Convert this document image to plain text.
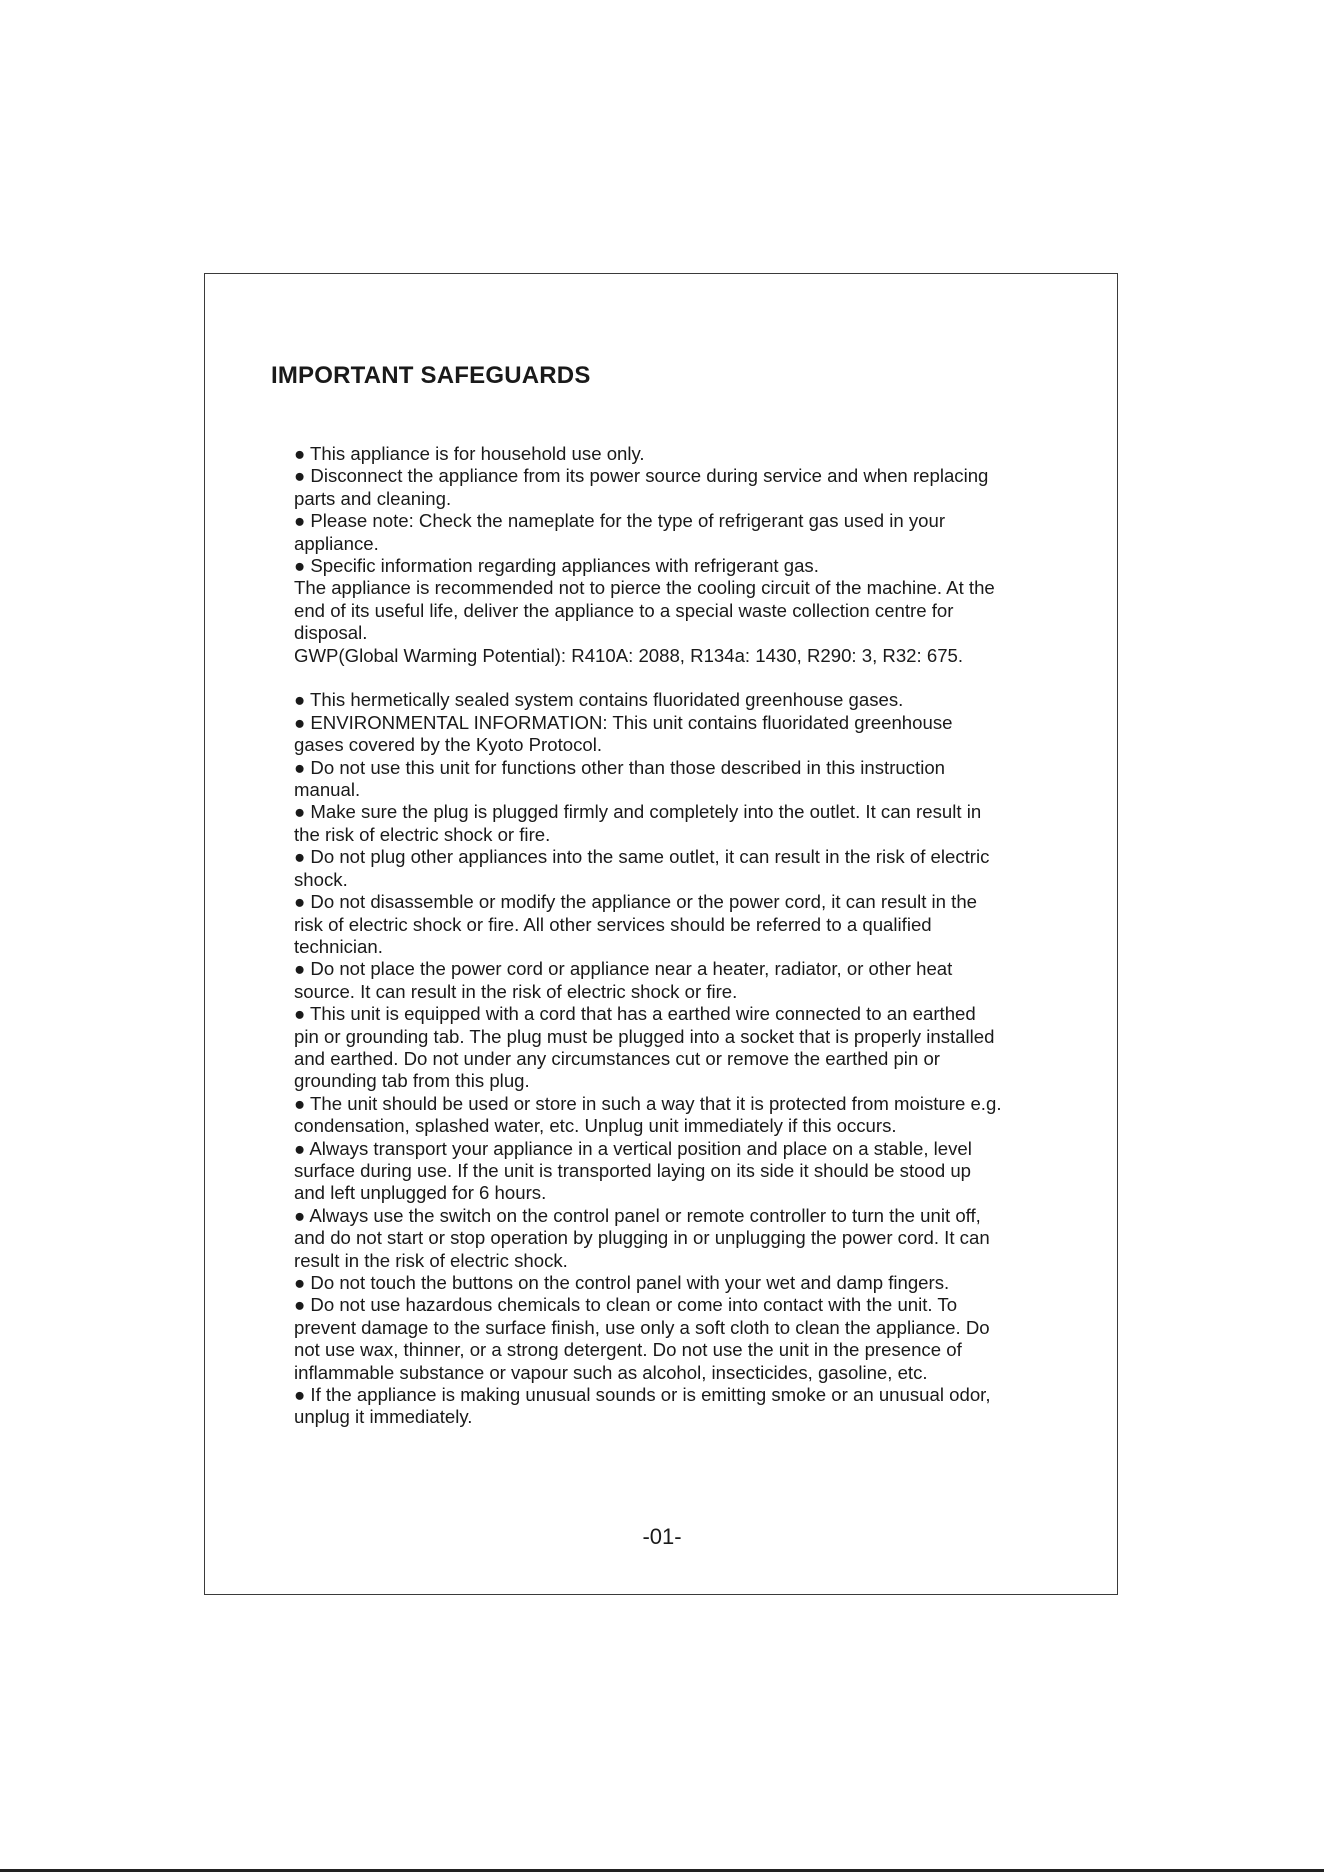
IMPORTANT SAFEGUARDS
● This appliance is for household use only.
● Disconnect the appliance from its power source during service and when replacing
parts and cleaning.
● Please note: Check the nameplate for the type of refrigerant gas used in your
appliance.
● Specific information regarding appliances with refrigerant gas.
The appliance is recommended not to pierce the cooling circuit of the machine. At the
end of its useful life, deliver the appliance to a special waste collection centre for
disposal.
GWP(Global Warming Potential): R410A: 2088, R134a: 1430, R290: 3, R32: 675.
● This hermetically sealed system contains fluoridated greenhouse gases.
● ENVIRONMENTAL INFORMATION: This unit contains fluoridated greenhouse
gases covered by the Kyoto Protocol.
● Do not use this unit for functions other than those described in this instruction
manual.
● Make sure the plug is plugged firmly and completely into the outlet. It can result in
the risk of electric shock or fire.
● Do not plug other appliances into the same outlet, it can result in the risk of electric
shock.
● Do not disassemble or modify the appliance or the power cord, it can result in the
risk of electric shock or fire. All other services should be referred to a qualified
technician.
● Do not place the power cord or appliance near a heater, radiator, or other heat
source. It can result in the risk of electric shock or fire.
● This unit is equipped with a cord that has a earthed wire connected to an earthed
pin or grounding tab. The plug must be plugged into a socket that is properly installed
and earthed. Do not under any circumstances cut or remove the earthed pin or
grounding tab from this plug.
● The unit should be used or store in such a way that it is protected from moisture e.g.
condensation, splashed water, etc. Unplug unit immediately if this occurs.
● Always transport your appliance in a vertical position and place on a stable, level
surface during use. If the unit is transported laying on its side it should be stood up
and left unplugged for 6 hours.
● Always use the switch on the control panel or remote controller to turn the unit off,
and do not start or stop operation by plugging in or unplugging the power cord. It can
result in the risk of electric shock.
● Do not touch the buttons on the control panel with your wet and damp fingers.
● Do not use hazardous chemicals to clean or come into contact with the unit. To
prevent damage to the surface finish, use only a soft cloth to clean the appliance. Do
not use wax, thinner, or a strong detergent. Do not use the unit in the presence of
inflammable substance or vapour such as alcohol, insecticides, gasoline, etc.
● If the appliance is making unusual sounds or is emitting smoke or an unusual odor,
unplug it immediately.
-01-
